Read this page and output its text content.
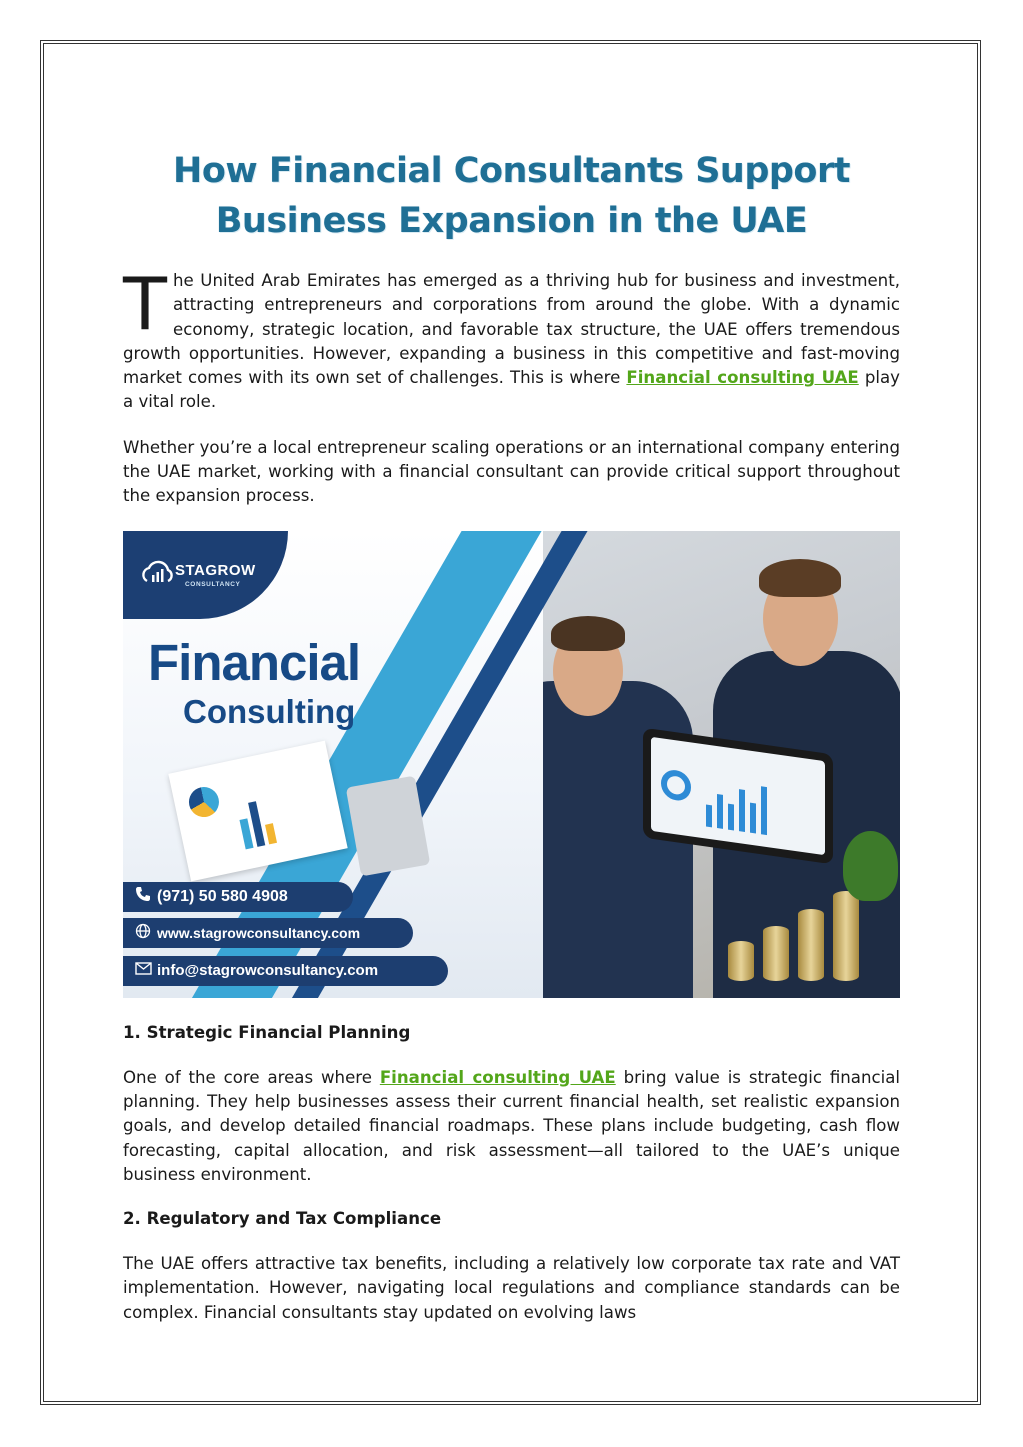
How Financial Consultants Support
Business Expansion in the UAE

The United Arab Emirates has emerged as a thriving hub for business and investment, attracting entrepreneurs and corporations from around the globe. With a dynamic economy, strategic location, and favorable tax structure, the UAE offers tremendous growth opportunities. However, expanding a business in this competitive and fast-moving market comes with its own set of challenges. This is where Financial consulting UAE play a vital role.

Whether you’re a local entrepreneur scaling operations or an international company entering the UAE market, working with a financial consultant can provide critical support throughout the expansion process.

STAGROW
CONSULTANCY
Financial
Consulting
(971) 50 580 4908
www.stagrowconsultancy.com
info@stagrowconsultancy.com
1. Strategic Financial Planning

One of the core areas where Financial consulting UAE bring value is strategic financial planning. They help businesses assess their current financial health, set realistic expansion goals, and develop detailed financial roadmaps. These plans include budgeting, cash flow forecasting, capital allocation, and risk assessment—all tailored to the UAE’s unique business environment.

2. Regulatory and Tax Compliance

The UAE offers attractive tax benefits, including a relatively low corporate tax rate and VAT implementation. However, navigating local regulations and compliance standards can be complex. Financial consultants stay updated on evolving laws
